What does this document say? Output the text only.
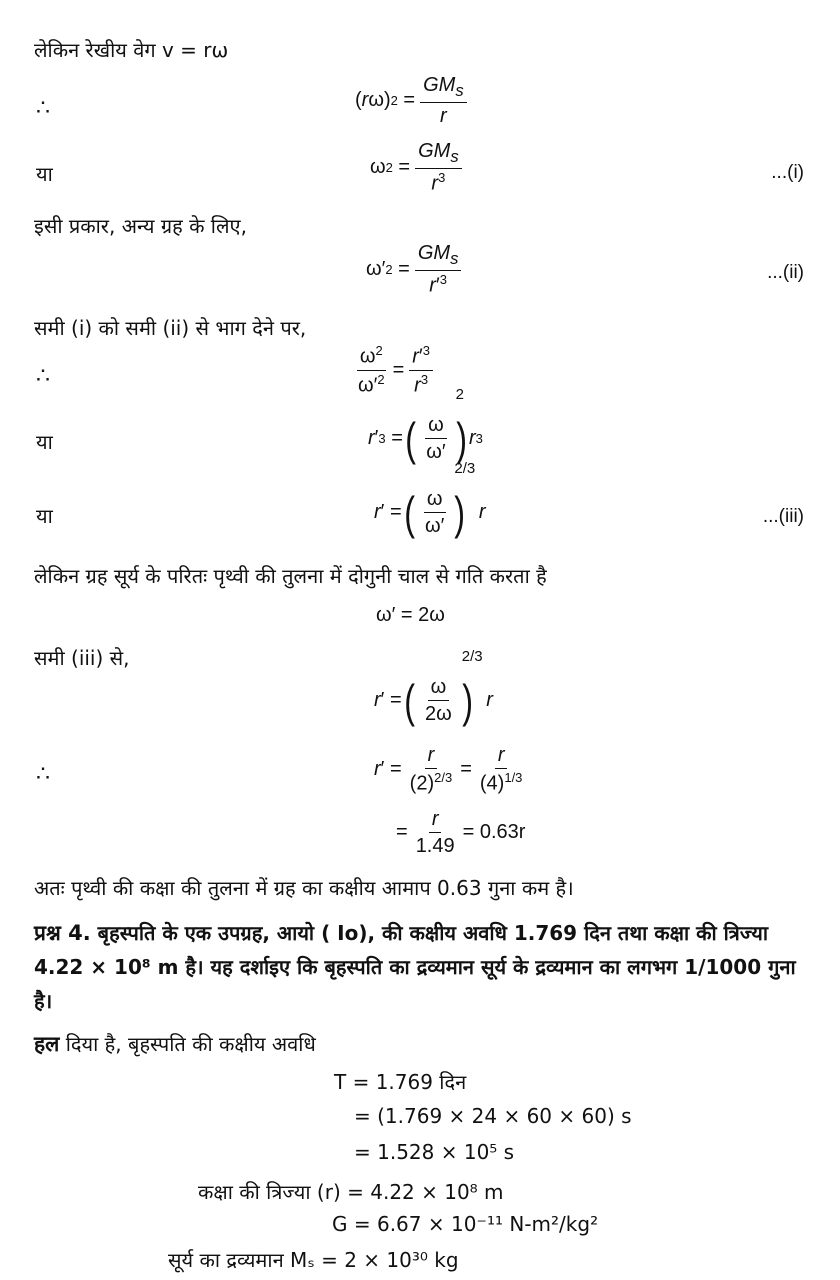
लेकिन रेखीय वेग v = rω
∴	( r ω) $2 = \frac{GM_s}{r}$
या	ω $2 = \frac{GM_s}{r^3}$	...(i)
इसी प्रकार, अन्य ग्रह के लिए,
ω′ $2 = \frac{GM_s}{r'^3}$	...(ii)
समी (i) को समी (ii) से भाग देने पर,
∴	$\frac{\omega^2}{\omega'^2} = \frac{r'^3}{r^3}$
या	r ′ 3 = ( $\frac{\omega}{\omega'}$ )
2
r 3
या	r ′ = ( $\frac{\omega}{\omega'}$ )
2/3

r	...(iii)
लेकिन ग्रह सूर्य के परितः पृथ्वी की तुलना में दोगुनी चाल से गति करता है
ω′ = 2ω
समी (iii) से,
r ′ = ( $\frac{\omega}{2\omega}$ )
2/3

r
∴	r ′ = $\frac{r}{(2)^{2/3}} = \frac{r}{(4)^{1/3}}$
= $\frac{r}{1.49} = 0.63r$
अतः पृथ्वी की कक्षा की तुलना में ग्रह का कक्षीय आमाप 0.63 गुना कम है।
प्रश्न 4. बृहस्पति के एक उपग्रह, आयो ( Io), की कक्षीय अवधि 1.769 दिन तथा कक्षा की त्रिज्या 4.22 × 10⁸ m है। यह दर्शाइए कि बृहस्पति का द्रव्यमान सूर्य के द्रव्यमान का लगभग 1/1000 गुना है।
हल दिया है, बृहस्पति की कक्षीय अवधि
T = 1.769 दिन
= (1.769 × 24 × 60 × 60) s
= 1.528 × 10⁵ s
कक्षा की त्रिज्या (r) = 4.22 × 10⁸ m
G = 6.67 × 10⁻¹¹ N-m²/kg²
सूर्य का द्रव्यमान Mₛ = 2 × 10³⁰ kg
